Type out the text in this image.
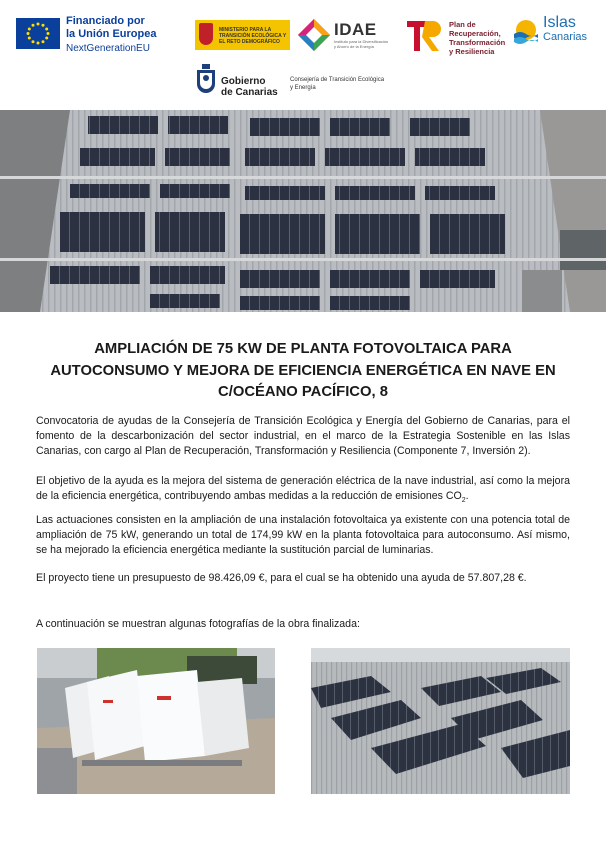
Financiado por
la Unión Europea
NextGenerationEU
MINISTERIO PARA LA TRANSICIÓN ECOLÓGICA Y EL RETO DEMOGRÁFICO
IDAE
Instituto para la Diversificación y Ahorro de la Energía
Plan de
Recuperación,
Transformación
y Resiliencia
Islas
Canarias
Gobierno
de Canarias
Consejería de Transición Ecológica
y Energía
AMPLIACIÓN DE 75 KW DE PLANTA FOTOVOLTAICA PARA
AUTOCONSUMO Y MEJORA DE EFICIENCIA ENERGÉTICA EN NAVE EN
C/OCÉANO PACÍFICO, 8

Convocatoria de ayudas de la Consejería de Transición Ecológica y Energía del Gobierno de Canarias, para el fomento de la descarbonización del sector industrial, en el marco de la Estrategia Sostenible en las Islas Canarias, con cargo al Plan de Recuperación, Transformación y Resiliencia (Componente 7, Inversión 2).

El objetivo de la ayuda es la mejora del sistema de generación eléctrica de la nave industrial, así como la mejora de la eficiencia energética, contribuyendo ambas medidas a la reducción de emisiones $CO_2$.

Las actuaciones consisten en la ampliación de una instalación fotovoltaica ya existente con una potencia total de ampliación de 75 kW, generando un total de 174,99 kW en la planta fotovoltaica para autoconsumo. Así mismo, se ha mejorado la eficiencia energética mediante la sustitución parcial de luminarias.

El proyecto tiene un presupuesto de 98.426,09 €, para el cual se ha obtenido una ayuda de 57.807,28 €.

A continuación se muestran algunas fotografías de la obra finalizada:
